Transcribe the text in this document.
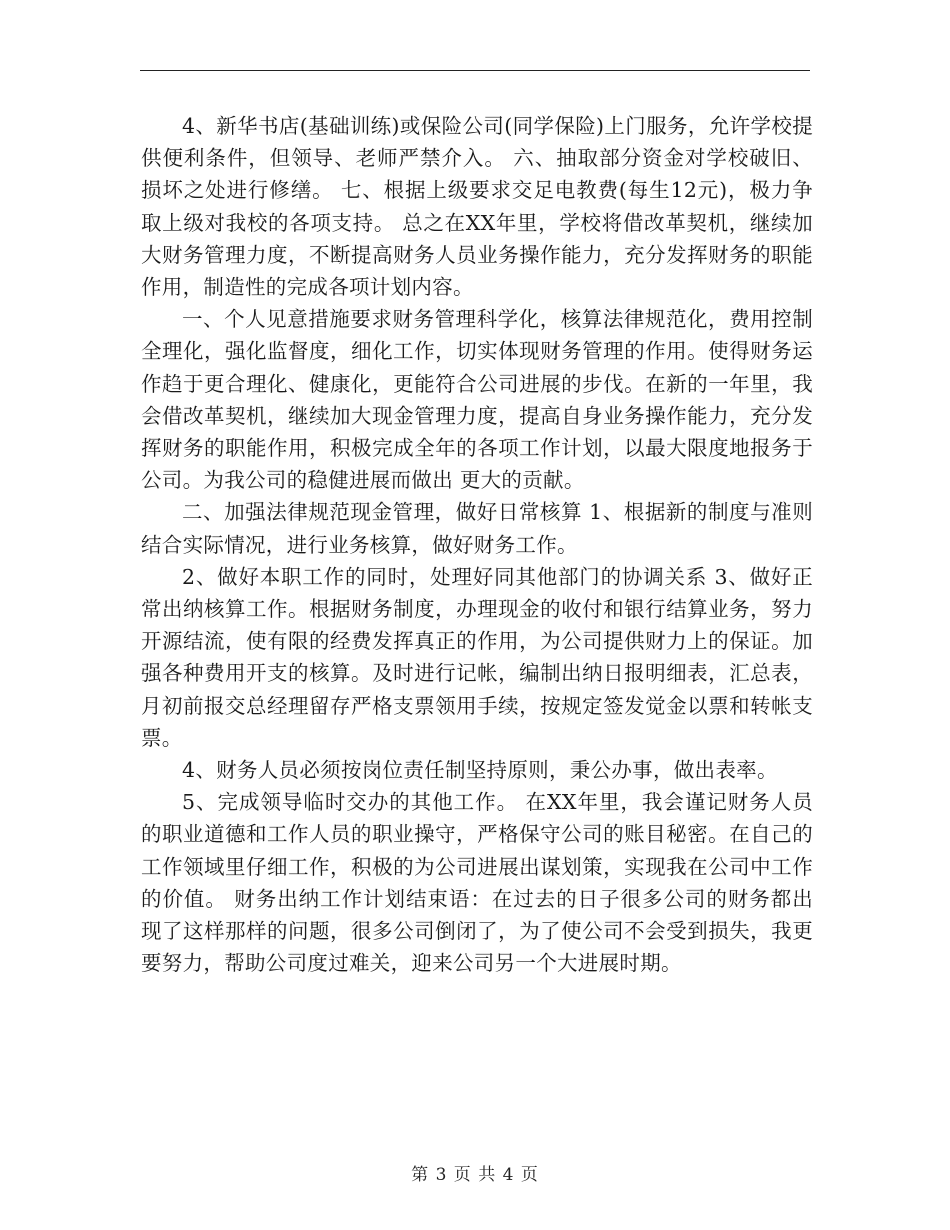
4、新华书店(基础训练)或保险公司(同学保险)上门服务，允许学校提供便利条件，但领导、老师严禁介入。 六、抽取部分资金对学校破旧、损坏之处进行修缮。 七、根据上级要求交足电教费(每生12元)，极力争取上级对我校的各项支持。 总之在XX年里，学校将借改革契机，继续加大财务管理力度，不断提高财务人员业务操作能力，充分发挥财务的职能作用，制造性的完成各项计划内容。

一、个人见意措施要求财务管理科学化，核算法律规范化，费用控制全理化，强化监督度，细化工作，切实体现财务管理的作用。使得财务运作趋于更合理化、健康化，更能符合公司进展的步伐。在新的一年里，我会借改革契机，继续加大现金管理力度，提高自身业务操作能力，充分发挥财务的职能作用，积极完成全年的各项工作计划，以最大限度地报务于公司。为我公司的稳健进展而做出 更大的贡献。

二、加强法律规范现金管理，做好日常核算 1、根据新的制度与准则结合实际情况，进行业务核算，做好财务工作。

2、做好本职工作的同时，处理好同其他部门的协调关系 3、做好正常出纳核算工作。根据财务制度，办理现金的收付和银行结算业务，努力开源结流，使有限的经费发挥真正的作用，为公司提供财力上的保证。加强各种费用开支的核算。及时进行记帐，编制出纳日报明细表，汇总表，月初前报交总经理留存严格支票领用手续，按规定签发觉金以票和转帐支票。

4、财务人员必须按岗位责任制坚持原则，秉公办事，做出表率。

5、完成领导临时交办的其他工作。 在XX年里，我会谨记财务人员的职业道德和工作人员的职业操守，严格保守公司的账目秘密。在自己的工作领域里仔细工作，积极的为公司进展出谋划策，实现我在公司中工作的价值。 财务出纳工作计划结束语：在过去的日子很多公司的财务都出现了这样那样的问题，很多公司倒闭了，为了使公司不会受到损失，我更要努力，帮助公司度过难关，迎来公司另一个大进展时期。

第 3 页 共 4 页
